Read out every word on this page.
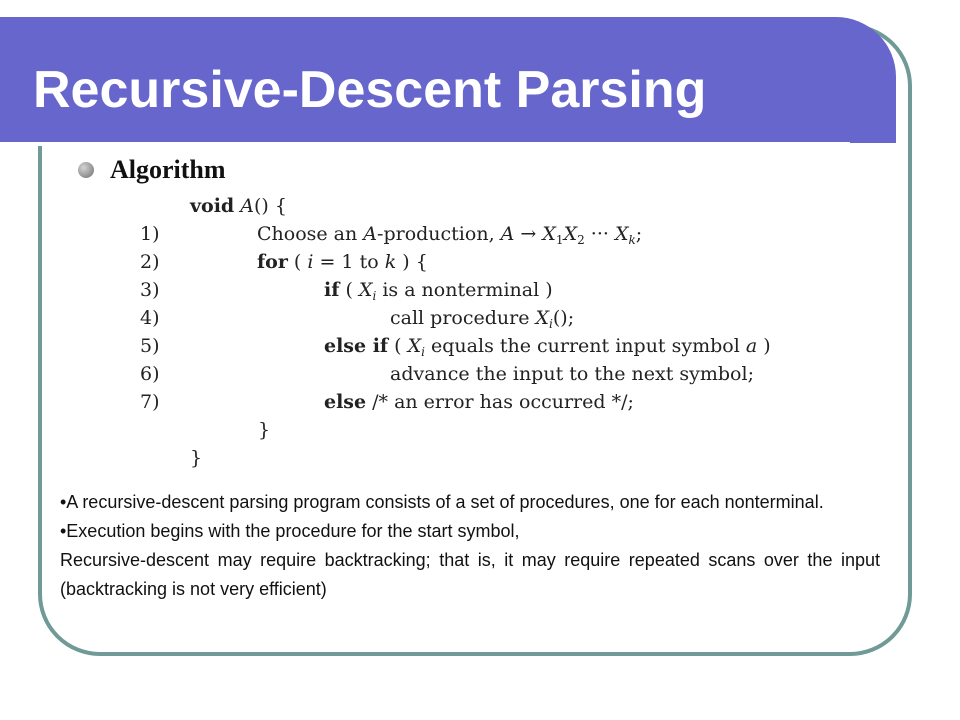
Recursive-Descent Parsing
Algorithm
void A() {
1)	Choose an A-production, $A \to X_1X_2$ ··· $X_k$;
2)	for ( i = 1 to k ) {
3)	if ( $X_i$ is a nonterminal )
4)	call procedure $X_i()$;
5)	else if ( $X_i$ equals the current input symbol a )
6)	advance the input to the next symbol;
7)	else /* an error has occurred */;
}
}

•A recursive-descent parsing program consists of a set of procedures, one for each nonterminal.

•Execution begins with the procedure for the start symbol,

Recursive-descent may require backtracking; that is, it may require repeated scans over the input (backtracking is not very efficient)
